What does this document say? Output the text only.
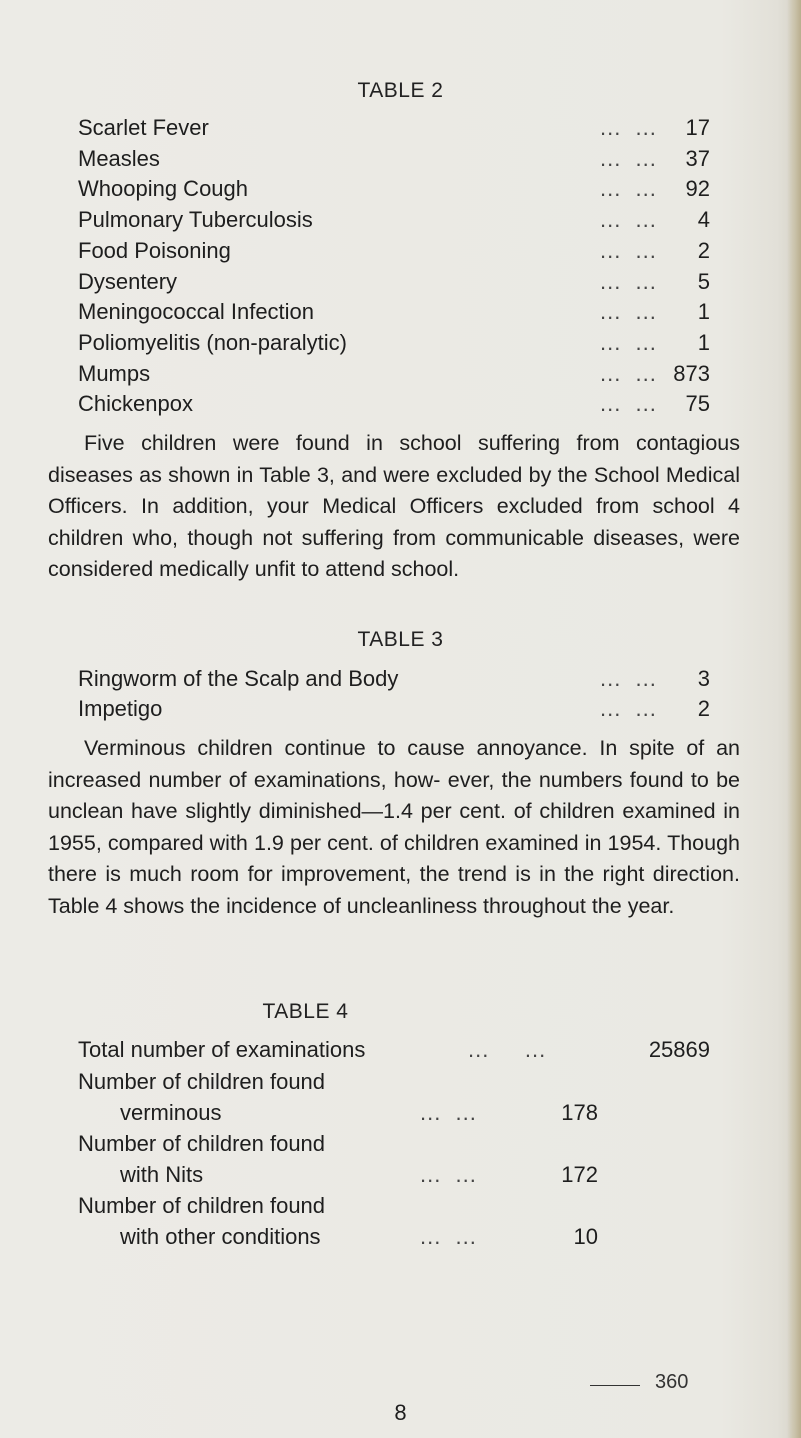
TABLE 2
Scarlet Fever	...  ... 17
Measles	...  ... 37
Whooping Cough	...  ... 92
Pulmonary Tuberculosis	...  ... 4
Food Poisoning	...  ... 2
Dysentery	...  ... 5
Meningococcal Infection	...  ... 1
Poliomyelitis (non-paralytic)	...  ... 1
Mumps	...  ... 873
Chickenpox	...  ... 75

Five children were found in school suffering from contagious diseases as shown in Table 3, and were excluded by the School Medical Officers. In addition, your Medical Officers excluded from school 4 children who, though not suffering from communicable diseases, were considered medically unfit to attend school.

TABLE 3
Ringworm of the Scalp and Body	...  ... 3
Impetigo	...  ... 2

Verminous children continue to cause annoyance. In spite of an increased number of examinations, how- ever, the numbers found to be unclean have slightly diminished—1.4 per cent. of children examined in 1955, compared with 1.9 per cent. of children examined in 1954. Though there is much room for improvement, the trend is in the right direction. Table 4 shows the incidence of uncleanliness throughout the year.

TABLE 4
Total number of examinations	...     ...	25869
Number of children found
verminous	...  ...	178
Number of children found
with Nits	...  ...	172
Number of children found
with other conditions	...  ...	10
360
8
